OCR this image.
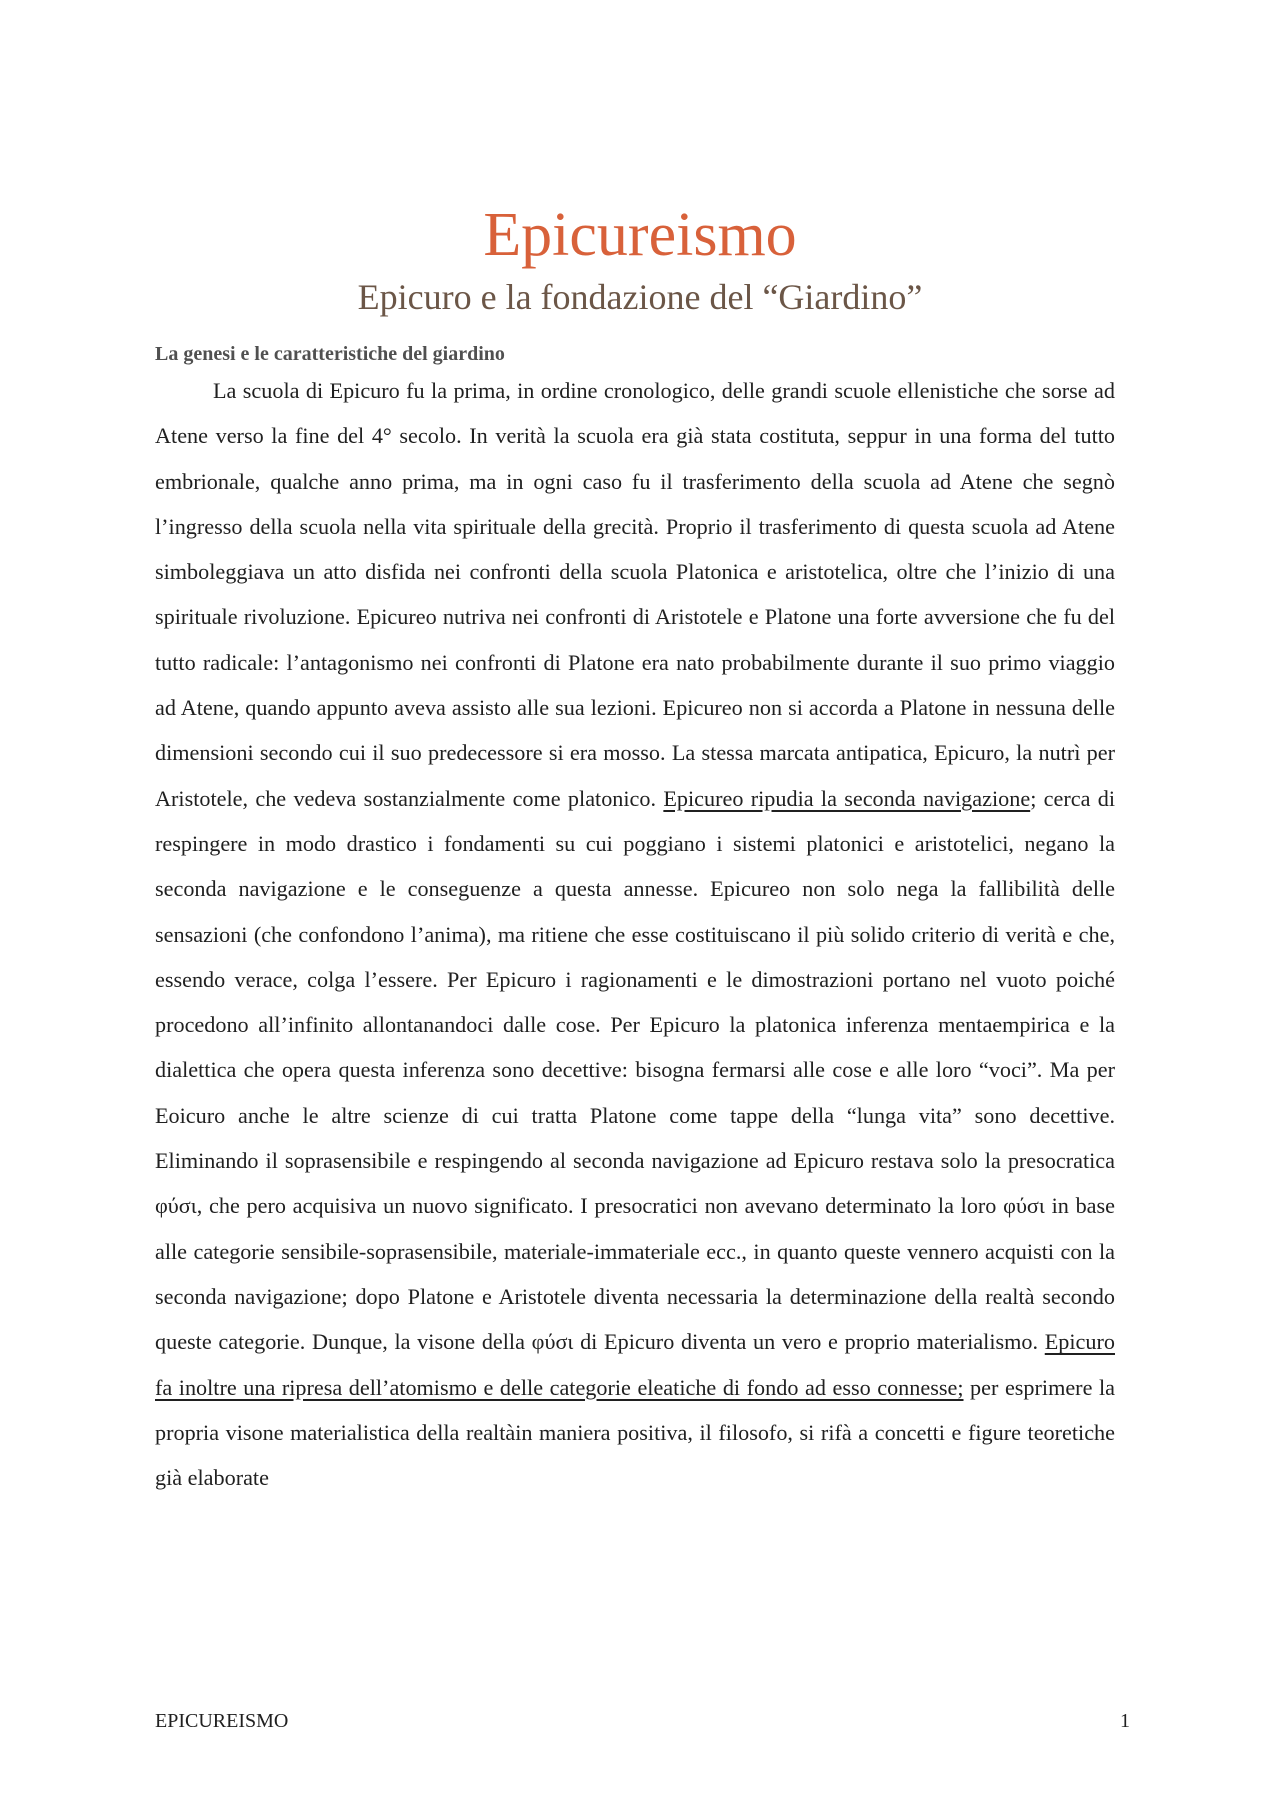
Epicureismo
Epicuro e la fondazione del “Giardino”
La genesi e le caratteristiche del giardino

La scuola di Epicuro fu la prima, in ordine cronologico, delle grandi scuole ellenistiche che sorse ad Atene verso la fine del 4° secolo. In verità la scuola era già stata costituta, seppur in una forma del tutto embrionale, qualche anno prima, ma in ogni caso fu il trasferimento della scuola ad Atene che segnò l’ingresso della scuola nella vita spirituale della grecità. Proprio il trasferimento di questa scuola ad Atene simboleggiava un atto disfida nei confronti della scuola Platonica e aristotelica, oltre che l’inizio di una spirituale rivoluzione. Epicureo nutriva nei confronti di Aristotele e Platone una forte avversione che fu del tutto radicale: l’antagonismo nei confronti di Platone era nato probabilmente durante il suo primo viaggio ad Atene, quando appunto aveva assisto alle sua lezioni. Epicureo non si accorda a Platone in nessuna delle dimensioni secondo cui il suo predecessore si era mosso. La stessa marcata antipatica, Epicuro, la nutrì per Aristotele, che vedeva sostanzialmente come platonico. Epicureo ripudia la seconda navigazione; cerca di respingere in modo drastico i fondamenti su cui poggiano i sistemi platonici e aristotelici, negano la seconda navigazione e le conseguenze a questa annesse. Epicureo non solo nega la fallibilità delle sensazioni (che confondono l’anima), ma ritiene che esse costituiscano il più solido criterio di verità e che, essendo verace, colga l’essere. Per Epicuro i ragionamenti e le dimostrazioni portano nel vuoto poiché procedono all’infinito allontanandoci dalle cose. Per Epicuro la platonica inferenza mentaempirica e la dialettica che opera questa inferenza sono decettive: bisogna fermarsi alle cose e alle loro “voci”. Ma per Eoicuro anche le altre scienze di cui tratta Platone come tappe della “lunga vita” sono decettive. Eliminando il soprasensibile e respingendo al seconda navigazione ad Epicuro restava solo la presocratica φύσι, che pero acquisiva un nuovo significato. I presocratici non avevano determinato la loro φύσι in base alle categorie sensibile-soprasensibile, materiale-immateriale ecc., in quanto queste vennero acquisti con la seconda navigazione; dopo Platone e Aristotele diventa necessaria la determinazione della realtà secondo queste categorie. Dunque, la visone della φύσι di Epicuro diventa un vero e proprio materialismo. Epicuro fa inoltre una ripresa dell’atomismo e delle categorie eleatiche di fondo ad esso connesse; per esprimere la propria visone materialistica della realtàin maniera positiva, il filosofo, si rifà a concetti e figure teoretiche già elaborate

EPICUREISMO	1
